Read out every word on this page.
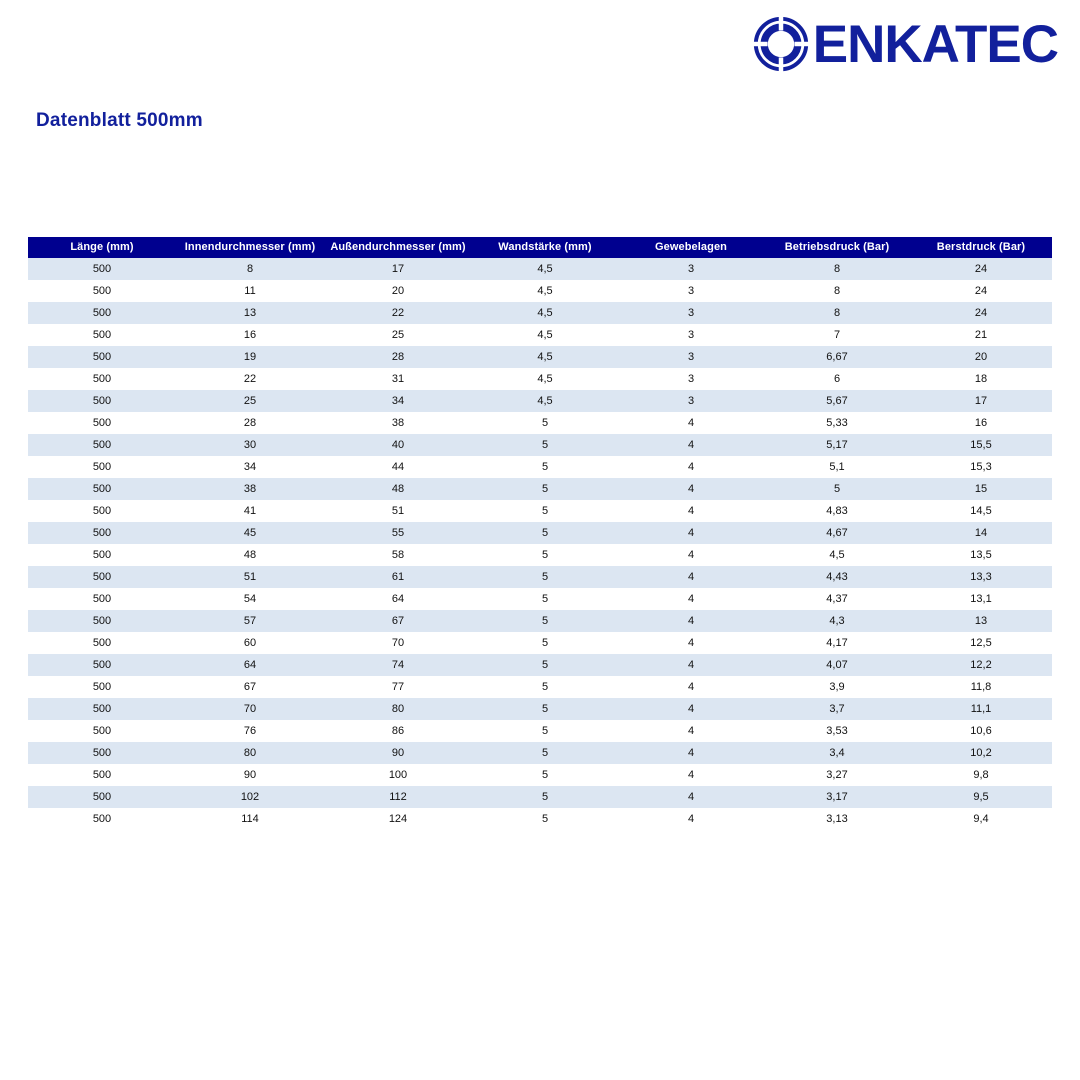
ENKATEC
Datenblatt 500mm
Länge (mm)	Innendurchmesser (mm)	Außendurchmesser (mm)	Wandstärke (mm)	Gewebelagen	Betriebsdruck (Bar)	Berstdruck (Bar)
500	8	17	4,5	3	8	24
500	11	20	4,5	3	8	24
500	13	22	4,5	3	8	24
500	16	25	4,5	3	7	21
500	19	28	4,5	3	6,67	20
500	22	31	4,5	3	6	18
500	25	34	4,5	3	5,67	17
500	28	38	5	4	5,33	16
500	30	40	5	4	5,17	15,5
500	34	44	5	4	5,1	15,3
500	38	48	5	4	5	15
500	41	51	5	4	4,83	14,5
500	45	55	5	4	4,67	14
500	48	58	5	4	4,5	13,5
500	51	61	5	4	4,43	13,3
500	54	64	5	4	4,37	13,1
500	57	67	5	4	4,3	13
500	60	70	5	4	4,17	12,5
500	64	74	5	4	4,07	12,2
500	67	77	5	4	3,9	11,8
500	70	80	5	4	3,7	11,1
500	76	86	5	4	3,53	10,6
500	80	90	5	4	3,4	10,2
500	90	100	5	4	3,27	9,8
500	102	112	5	4	3,17	9,5
500	114	124	5	4	3,13	9,4
